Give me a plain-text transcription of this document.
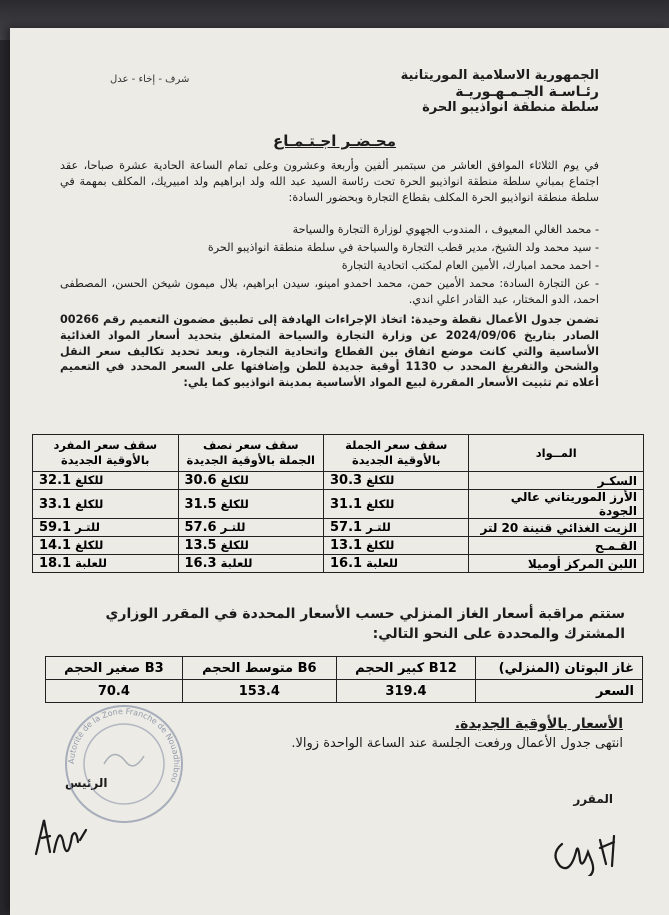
الجمهورية الاسلامية الموريتانية
رئـاسـة الجـمـهـوريـة
سلطة منطقة انواذيبو الحرة
شرف - إخاء - عدل
محـضـر اجـتـمـاع
في يوم الثلاثاء الموافق العاشر من سبتمبر ألفين وأربعة وعشرون وعلى تمام الساعة الحادية عشرة صباحا، عقد اجتماع بمباني سلطة منطقة انواذيبو الحرة تحت رئاسة السيد عبد الله ولد ابراهيم ولد امبيريك، المكلف بمهمة في سلطة منطقة انواذيبو الحرة المكلف بقطاع التجارة وبحضور السادة:
- محمد الغالي المعيوف ، المندوب الجهوي لوزارة التجارة والسياحة
- سيد محمد ولد الشيخ، مدير قطب التجارة والسياحة في سلطة منطقة انواذيبو الحرة
- احمد محمد امبارك، الأمين العام لمكتب اتحادية التجارة
- عن التجارة السادة: محمد الأمين حمن، محمد احمدو امينو، سيدن ابراهيم، بلال ميمون شيخن الحسن، المصطفى احمد، الدو المختار، عبد القادر اعلي اندي.
تضمن جدول الأعمال نقطة وحيدة: اتخاذ الإجراءات الهادفة إلى تطبيق مضمون التعميم رقم 00266 الصادر بتاريخ 2024/09/06 عن وزارة التجارة والسياحة المتعلق بتحديد أسعار المواد الغذائية الأساسية والتي كانت موضع اتفاق بين القطاع واتحادية التجارة. وبعد تحديد تكاليف سعر النقل والشحن والتفريغ المحدد ب 1130 أوقية جديدة للطن وإضافتها على السعر المحدد في التعميم أعلاه تم تثبيت الأسعار المقررة لبيع المواد الأساسية بمدينة انواذيبو كما يلي:
المــواد	سقف سعر الجملة بالأوقية الجديدة	سقف سعر نصف الجملة بالأوقية الجديدة	سقف سعر المفرد بالأوقية الجديدة
السكـر	30.3 للكلغ	30.6 للكلغ	32.1 للكلغ
الأرز الموريتاني عالي الجودة	31.1 للكلغ	31.5 للكلغ	33.1 للكلغ
الزيت الغذائي قنينة 20 لتر	57.1 للتـر	57.6 للتـر	59.1 للتـر
القـمـح	13.1 للكلغ	13.5 للكلغ	14.1 للكلغ
اللبن المركز أوميلا	16.1 للعلبة	16.3 للعلبة	18.1 للعلبة
ستتم مراقبة أسعار الغاز المنزلي حسب الأسعار المحددة في المقرر الوزاري المشترك والمحددة على النحو التالي:
الأسعار بالأوقية الجديدة.
انتهى جدول الأعمال ورفعت الجلسة عند الساعة الواحدة زوالا.
الرئيس
المقرر
غاز البوتان (المنزلي)	B12 كبير الحجم	B6 متوسط الحجم	B3 صغير الحجم
السعر	319.4	153.4	70.4
Autorité de la Zone Franche de Nouadhibou
